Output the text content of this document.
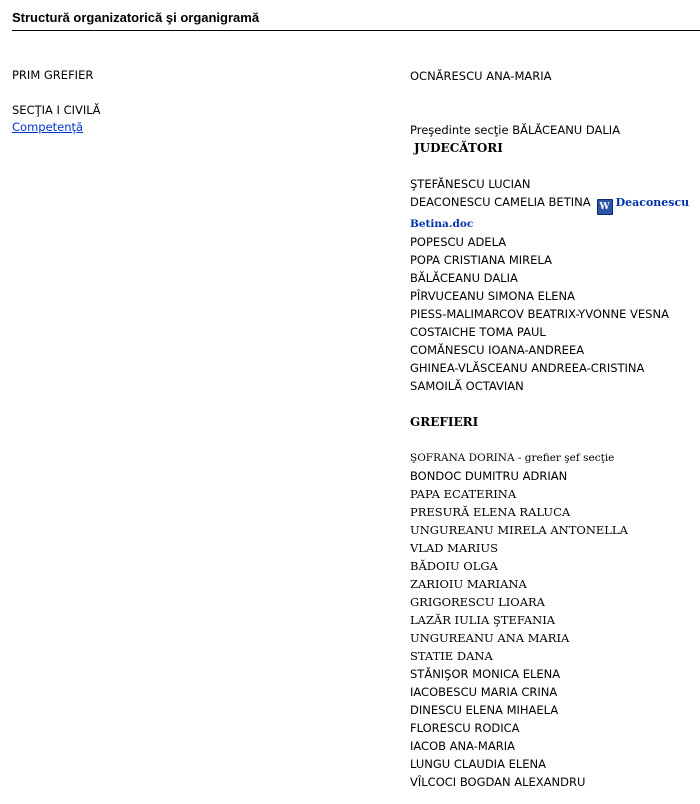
Structură organizatorică şi organigramă
PRIM GREFIER
SECŢIA I CIVILĂ
Competenţă
OCNĂRESCU ANA-MARIA
Preşedinte secţie BĂLĂCEANU DALIA
JUDECĂTORI
ŞTEFĂNESCU LUCIAN
DEACONESCU CAMELIA BETINA W Deaconescu
Betina.doc
POPESCU ADELA
POPA CRISTIANA MIRELA
BĂLĂCEANU DALIA
PÎRVUCEANU SIMONA ELENA
PIESS-MALIMARCOV BEATRIX-YVONNE VESNA
COSTAICHE TOMA PAUL
COMĂNESCU IOANA-ANDREEA
GHINEA-VLĂSCEANU ANDREEA-CRISTINA
SAMOILĂ OCTAVIAN
GREFIERI
ŞOFRANA DORINA - grefier şef secţie
BONDOC DUMITRU ADRIAN
PAPA ECATERINA
PRESURĂ ELENA RALUCA
UNGUREANU MIRELA ANTONELLA
VLAD MARIUS
BĂDOIU OLGA
ZARIOIU MARIANA
GRIGORESCU LIOARA
LAZĂR IULIA ŞTEFANIA
UNGUREANU ANA MARIA
STATIE DANA
STĂNIŞOR MONICA ELENA
IACOBESCU MARIA CRINA
DINESCU ELENA MIHAELA
FLORESCU RODICA
IACOB ANA-MARIA
LUNGU CLAUDIA ELENA
VÎLCOCI BOGDAN ALEXANDRU
